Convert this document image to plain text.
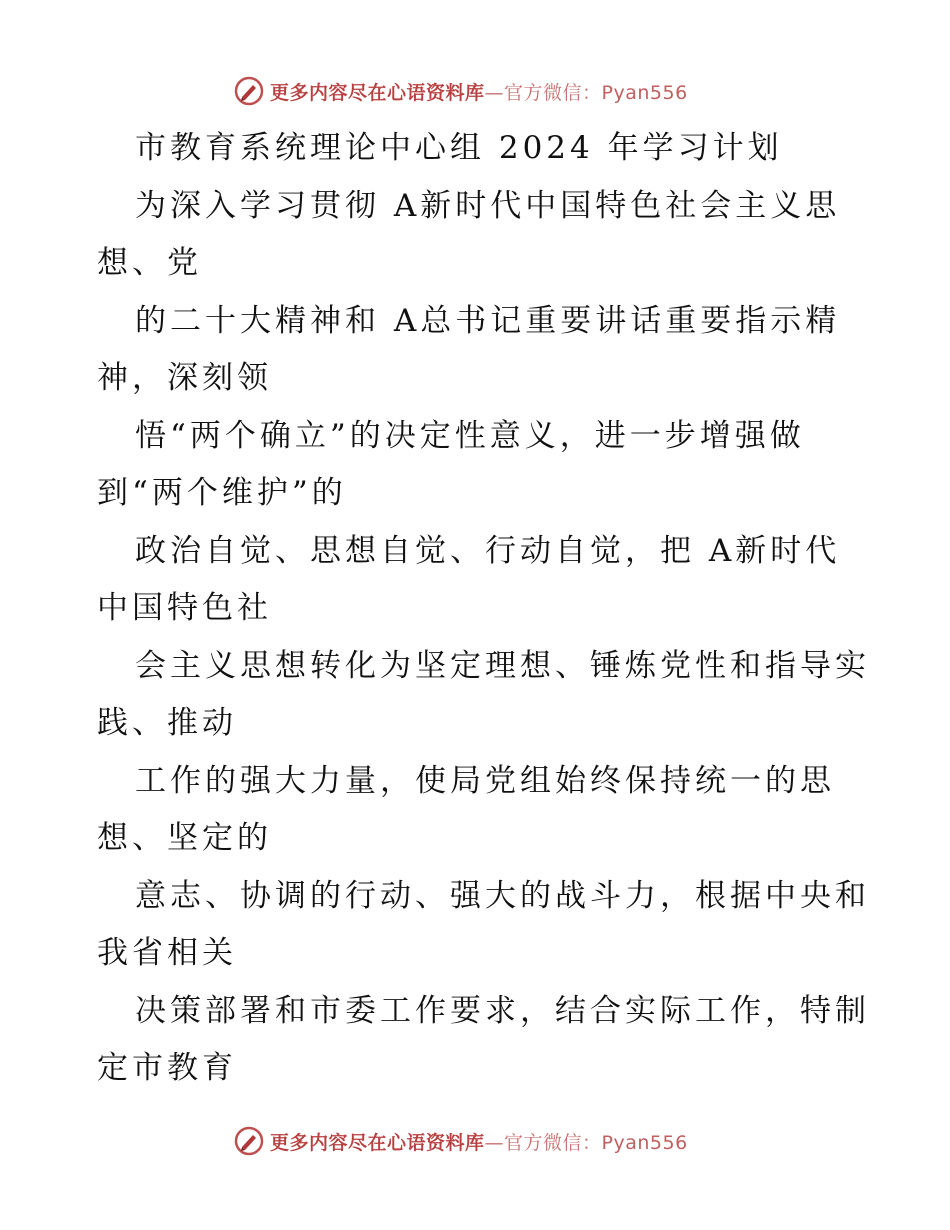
更多内容尽在心语资料库—官方微信：Pyan556
市教育系统理论中心组 2024 年学习计划
为深入学习贯彻 A新时代中国特色社会主义思
想、党
的二十大精神和 A总书记重要讲话重要指示精
神，深刻领
悟“两个确立”的决定性意义，进一步增强做
到“两个维护”的
政治自觉、思想自觉、行动自觉，把 A新时代
中国特色社
会主义思想转化为坚定理想、锤炼党性和指导实
践、推动
工作的强大力量，使局党组始终保持统一的思
想、坚定的
意志、协调的行动、强大的战斗力，根据中央和
我省相关
决策部署和市委工作要求，结合实际工作，特制
定市教育
更多内容尽在心语资料库—官方微信：Pyan556
